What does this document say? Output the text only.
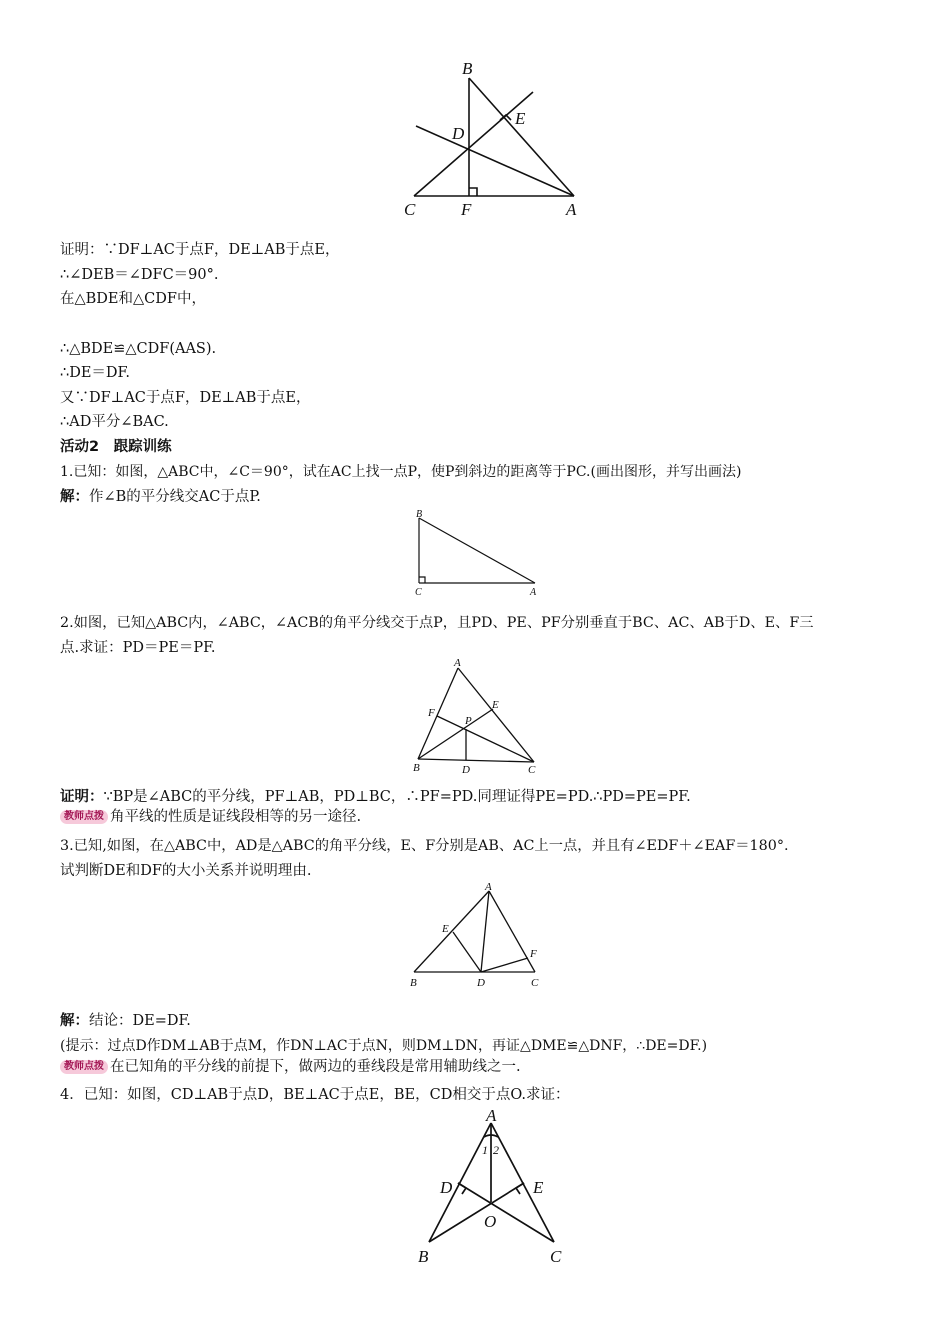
B
E
D
C	F	A
证明：∵DF⊥AC于点F，DE⊥AB于点E，
∴∠DEB＝∠DFC＝90°.
在△BDE和△CDF中，
∴△BDE≌△CDF(AAS).
∴DE＝DF.
又∵DF⊥AC于点F，DE⊥AB于点E，
∴AD平分∠BAC.
活动2　跟踪训练
1.已知：如图，△ABC中，∠C＝90°，试在AC上找一点P，使P到斜边的距离等于PC.(画出图形，并写出画法)
解：作∠B的平分线交AC于点P.
B
C	A
2.如图，已知△ABC内，∠ABC，∠ACB的角平分线交于点P，且PD、PE、PF分别垂直于BC、AC、AB于D、E、F三
点.求证：PD＝PE＝PF.
A
E
F
P
B	D	C
证明：∵BP是∠ABC的平分线，PF⊥AB，PD⊥BC，∴PF=PD.同理证得PE=PD.∴PD=PE=PF.
教师点拨 角平线的性质是证线段相等的另一途径.
3.已知,如图，在△ABC中，AD是△ABC的角平分线，E、F分别是AB、AC上一点，并且有∠EDF＋∠EAF＝180°.
试判断DE和DF的大小关系并说明理由.
A
E
F
B	D	C
解：结论：DE=DF.
(提示：过点D作DM⊥AB于点M，作DN⊥AC于点N，则DM⊥DN，再证△DME≌△DNF，∴DE=DF.)
教师点拨 在已知角的平分线的前提下，做两边的垂线段是常用辅助线之一.
4．已知：如图，CD⊥AB于点D，BE⊥AC于点E，BE，CD相交于点O.求证：
A
1 2
D	E
O
B	C
